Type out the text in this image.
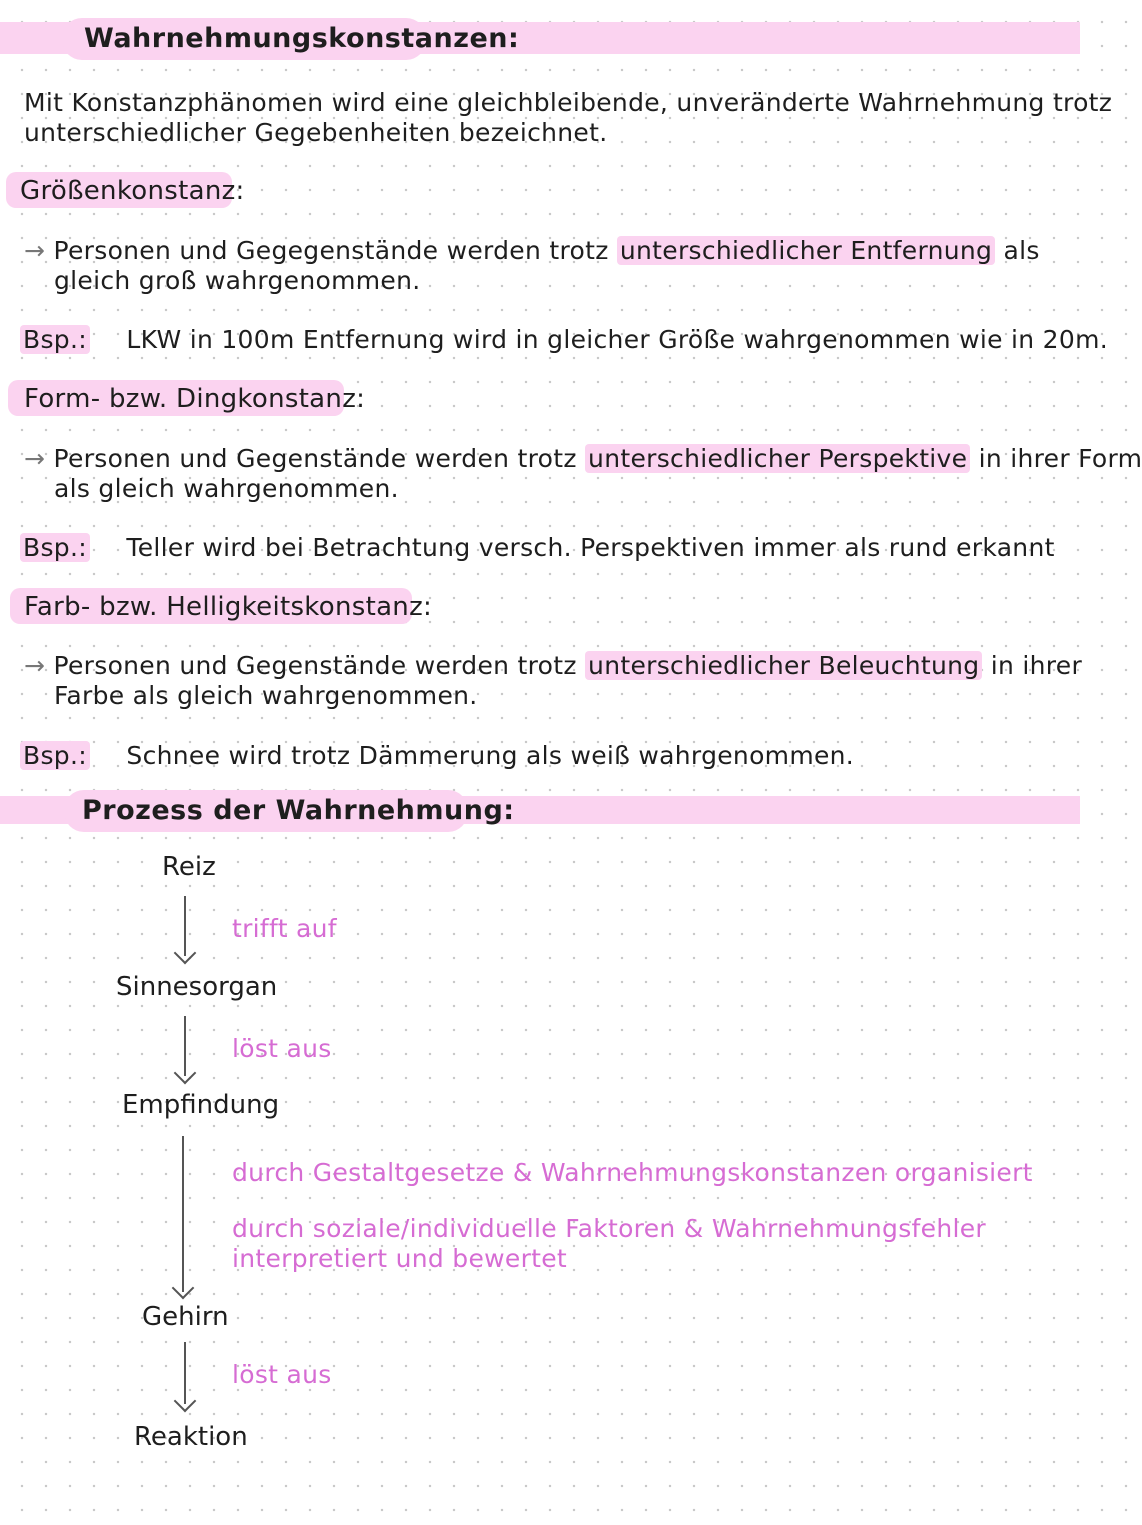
Wahrnehmungskonstanzen:
Mit Konstanzphänomen wird eine gleichbleibende, unveränderte Wahrnehmung trotz
unterschiedlicher Gegebenheiten bezeichnet.
Größenkonstanz:
→ Personen und Gegegenstände werden trotz unterschiedlicher Entfernung als
gleich groß wahrgenommen.
Bsp.: LKW in 100m Entfernung wird in gleicher Größe wahrgenommen wie in 20m.
Form- bzw. Dingkonstanz:
→ Personen und Gegenstände werden trotz unterschiedlicher Perspektive in ihrer Form
als gleich wahrgenommen.
Bsp.: Teller wird bei Betrachtung versch. Perspektiven immer als rund erkannt
Farb- bzw. Helligkeitskonstanz:
→ Personen und Gegenstände werden trotz unterschiedlicher Beleuchtung in ihrer
Farbe als gleich wahrgenommen.
Bsp.: Schnee wird trotz Dämmerung als weiß wahrgenommen.
Prozess der Wahrnehmung:
Reiz
trifft auf
Sinnesorgan
löst aus
Empfindung
durch Gestaltgesetze & Wahrnehmungskonstanzen organisiert
durch soziale/individuelle Faktoren & Wahrnehmungsfehler
interpretiert und bewertet
Gehirn
löst aus
Reaktion
